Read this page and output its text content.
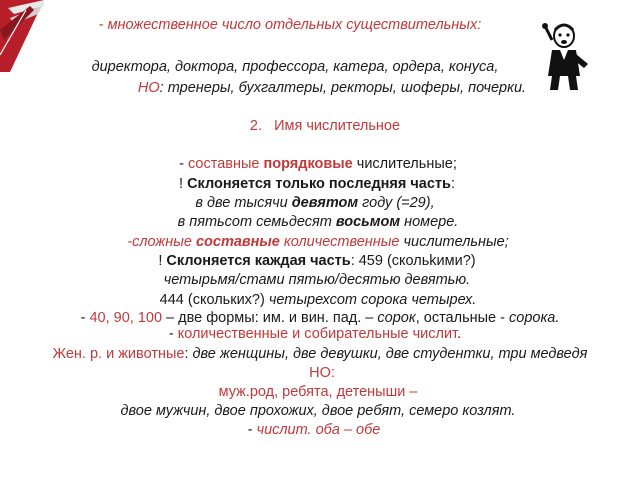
- множественное число отдельных существительных:
директора, доктора, профессора, катера, ордера, конуса,
НО: тренеры, бухгалтеры, ректоры, шоферы, почерки.
2. Имя числительное
- составные порядковые числительные;
! Склоняется только последняя часть:
в две тысячи девятом году (=29),
в пятьсот семьдесят восьмом номере.
-сложные составные количественные числительные;
! Склоняется каждая часть: 459 (скольkими?)
четырьмя/стами пятью/десятью девятью.
444 (скольких?) четырехсот сорока четырех.
- 40, 90, 100 – две формы: им. и вин. пад. – сорок, остальные - сорока.
- количественные и собирательные числит.
Жен. р. и животные: две женщины, две девушки, две студентки, три медведя
НО:
муж.род, ребята, детеныши –
двое мужчин, двое прохожих, двое ребят, семеро козлят.
- числит. оба – обе
